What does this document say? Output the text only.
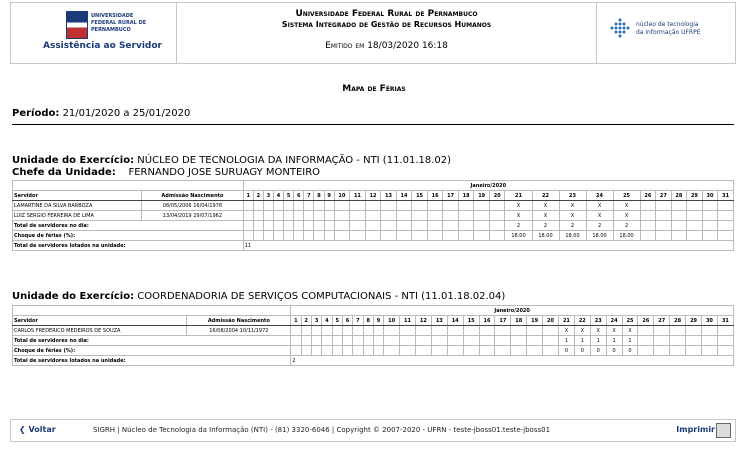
UNIVERSIDADE FEDERAL RURAL DE PERNAMBUCO
Assistência ao Servidor
Universidade Federal Rural de Pernambuco
Sistema Integrado de Gestão de Recursos Humanos
Emitido em 18/03/2020 16:18
núcleo de tecnologia da informação UFRPE
Mapa de Férias
Período: 21/01/2020 a 25/01/2020
Unidade do Exercício: NÚCLEO DE TECNOLOGIA DA INFORMAÇÃO - NTI (11.01.18.02)
Chefe da Unidade: FERNANDO JOSE SURUAGY MONTEIRO
		Janeiro/2020																														
Servidor	Admissão Nascimento	1	2	3	4	5	6	7	8	9	10	11	12	13	14	15	16	17	18	19	20	21	22	23	24	25	26	27	28	29	30	31
LAMARTINE DA SILVA BARBOZA	08/05/2006 16/04/1978																					X	X	X	X	X						
LUIZ SERGIO FERREIRA DE LIMA	13/04/2019 29/07/1962																					X	X	X	X	X						
Total de servidores no dia:																						2	2	2	2	2						
Choque de férias (%):																						18.00	18.00	18.00	18.00	18.00						
Total de servidores lotados na unidade:		11																														
Unidade do Exercício: COORDENADORIA DE SERVIÇOS COMPUTACIONAIS - NTI (11.01.18.02.04)
		Janeiro/2020																														
Servidor	Admissão Nascimento	1	2	3	4	5	6	7	8	9	10	11	12	13	14	15	16	17	18	19	20	21	22	23	24	25	26	27	28	29	30	31
CARLOS FREDERICO MEDEIROS DE SOUZA	16/08/2004 10/11/1972																					X	X	X	X	X						
Total de servidores no dia:																						1	1	1	1	1						
Choque de férias (%):																						0	0	0	0	0						
Total de servidores lotados na unidade:		2																														
❮ Voltar	SIGRH | Núcleo de Tecnologia da Informação (NTI) - (81) 3320-6046 | Copyright © 2007-2020 - UFRN - teste-jboss01.teste-jboss01	Imprimir
